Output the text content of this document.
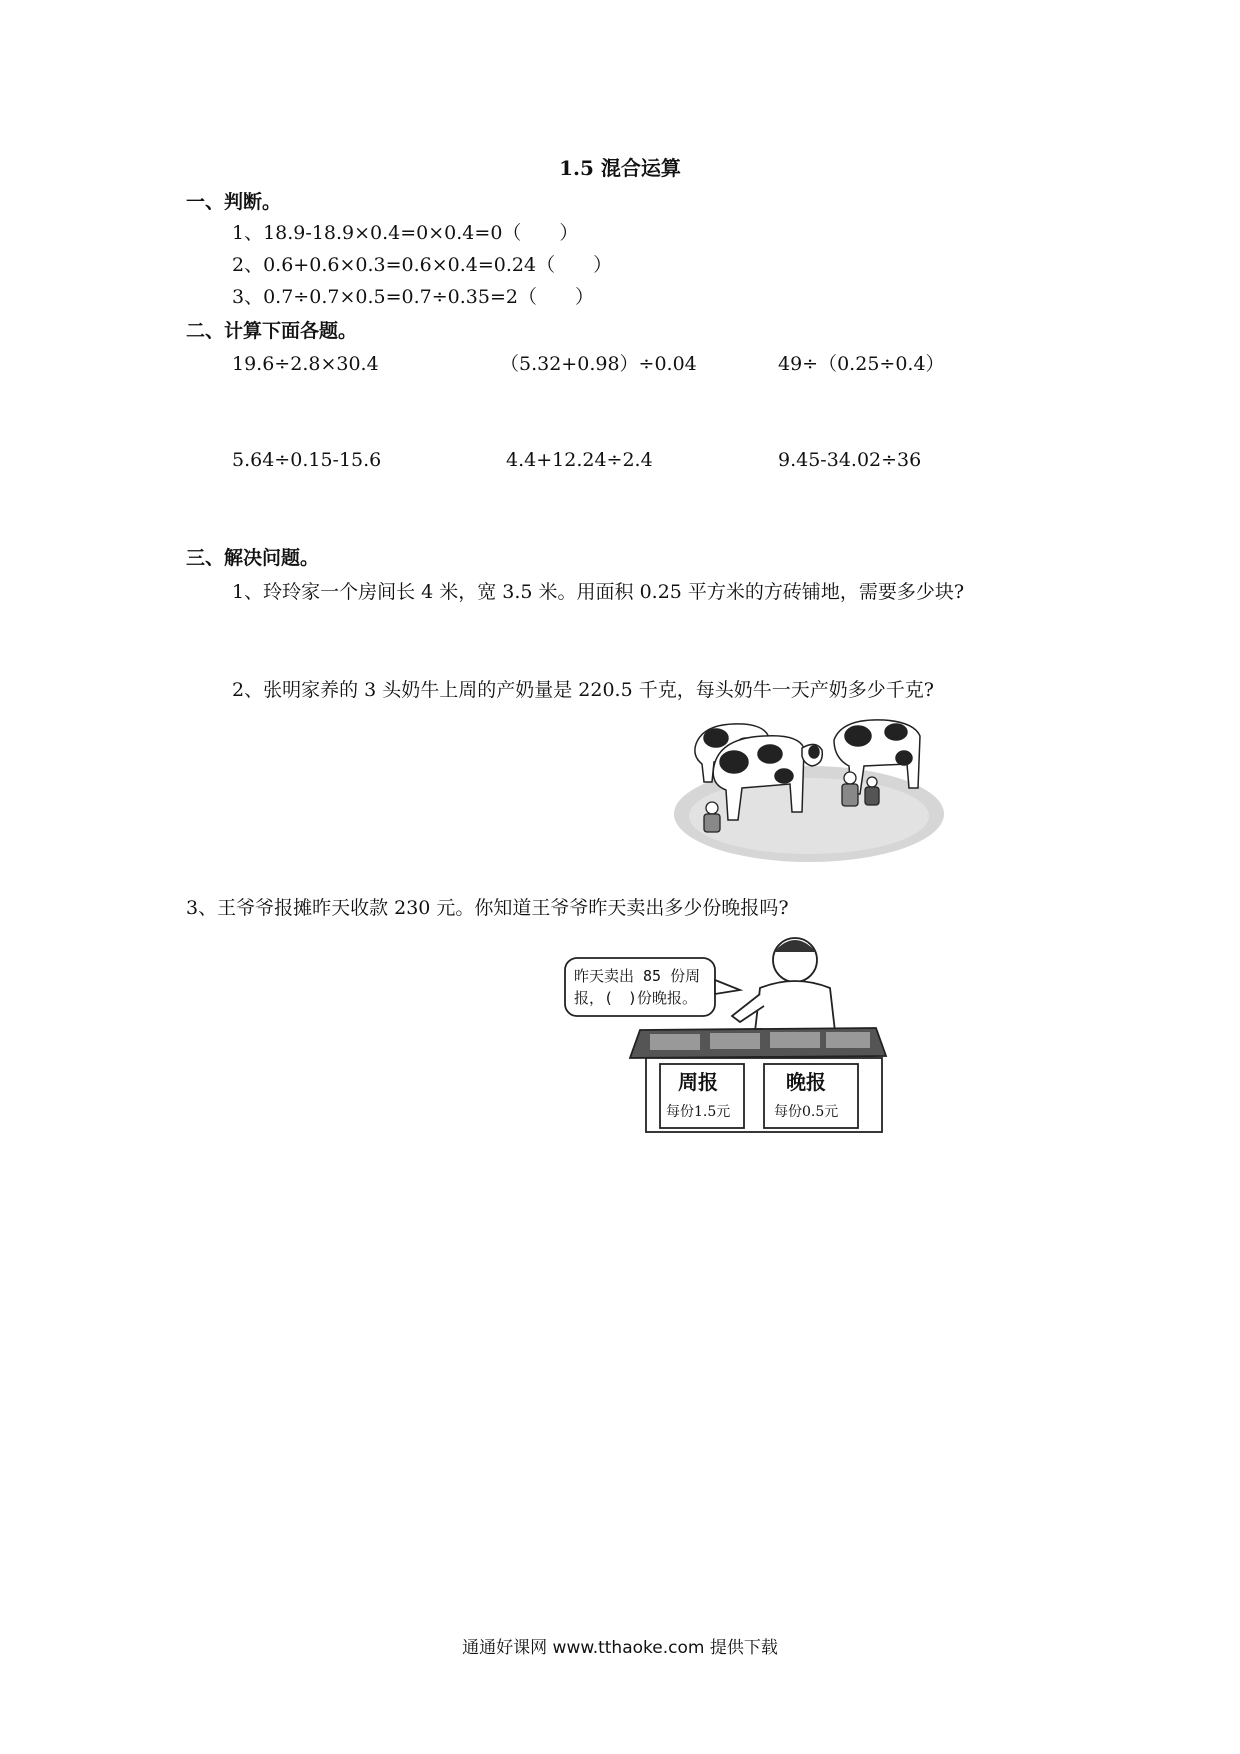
1.5 混合运算
一、判断。
1、18.9-18.9×0.4=0×0.4=0（　　）
2、0.6+0.6×0.3=0.6×0.4=0.24（　　）
3、0.7÷0.7×0.5=0.7÷0.35=2（　　）
二、计算下面各题。
19.6÷2.8×30.4	（5.32+0.98）÷0.04	49÷（0.25÷0.4）
5.64÷0.15-15.6	4.4+12.24÷2.4	9.45-34.02÷36
三、解决问题。
1、玲玲家一个房间长 4 米，宽 3.5 米。用面积 0.25 平方米的方砖铺地，需要多少块?
2、张明家养的 3 头奶牛上周的产奶量是 220.5 千克，每头奶牛一天产奶多少千克?
3、王爷爷报摊昨天收款 230 元。你知道王爷爷昨天卖出多少份晚报吗?
昨天卖出 85 份周
报，(　)份晚报。
周报
每份1.5元
晚报
每份0.5元
通通好课网 www.tthaoke.com 提供下载
